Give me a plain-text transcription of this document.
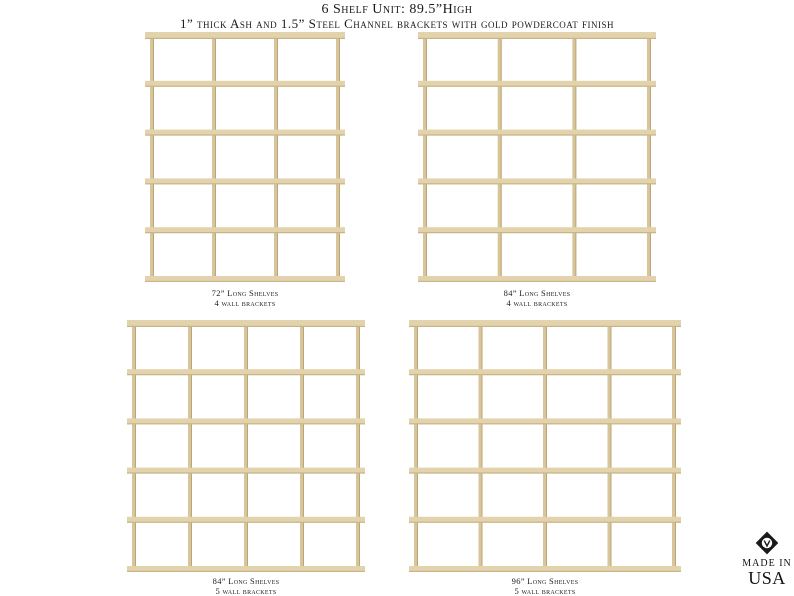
6 Shelf Unit: 89.5”High
1” thick Ash and 1.5” Steel Channel brackets with gold powdercoat finish
72” Long Shelves
4 wall brackets
84” Long Shelves
4 wall brackets
84” Long Shelves
5 wall brackets
96” Long Shelves
5 wall brackets
MADE IN
USA
